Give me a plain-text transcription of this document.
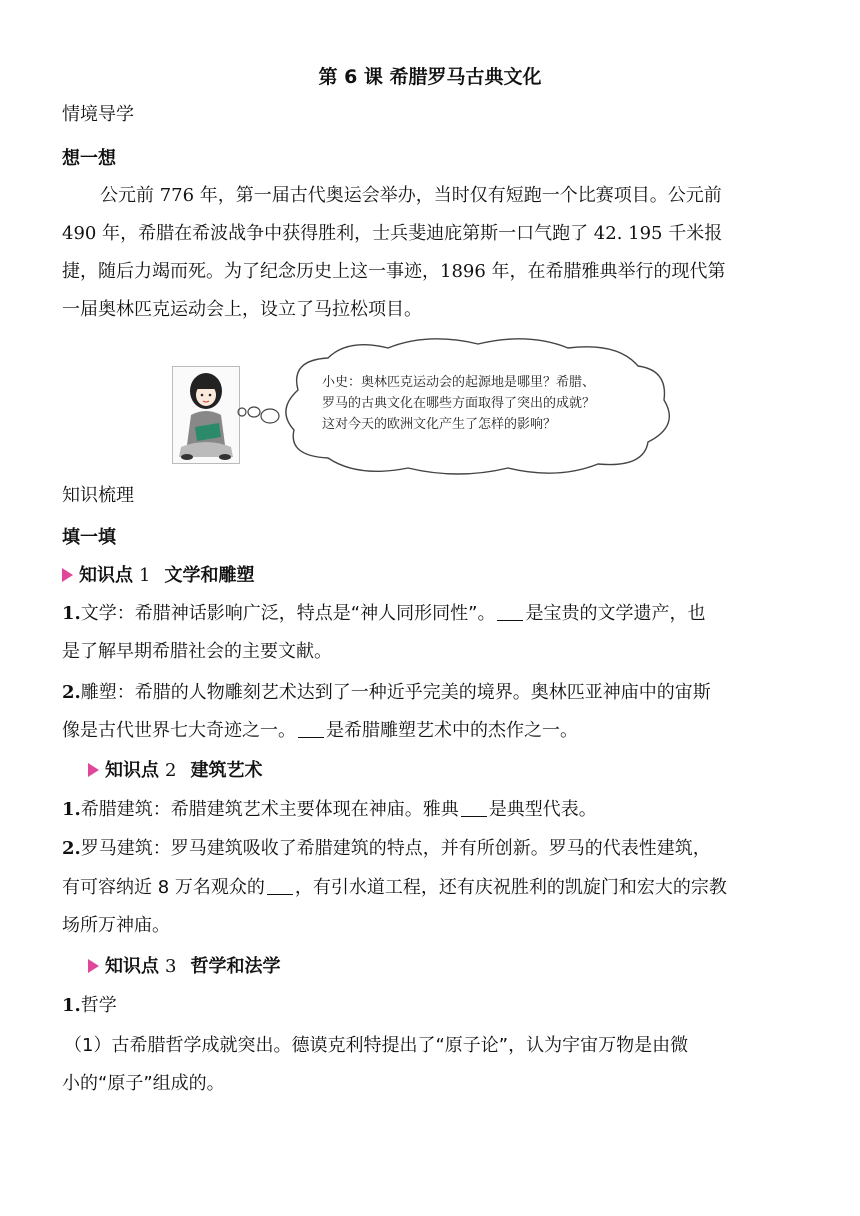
第 6 课 希腊罗马古典文化
情境导学
想一想
公元前 776 年，第一届古代奥运会举办，当时仅有短跑一个比赛项目。公元前
490 年，希腊在希波战争中获得胜利，士兵斐迪庇第斯一口气跑了 42. 195 千米报
捷，随后力竭而死。为了纪念历史上这一事迹，1896 年，在希腊雅典举行的现代第
一届奥林匹克运动会上，设立了马拉松项目。
小史：奥林匹克运动会的起源地是哪里？希腊、
罗马的古典文化在哪些方面取得了突出的成就？
这对今天的欧洲文化产生了怎样的影响？
知识梳理
填一填
知识点 1 文学和雕塑
1.文学：希腊神话影响广泛，特点是“神人同形同性”。 是宝贵的文学遗产，也
是了解早期希腊社会的主要文献。
2.雕塑：希腊的人物雕刻艺术达到了一种近乎完美的境界。奥林匹亚神庙中的宙斯
像是古代世界七大奇迹之一。 是希腊雕塑艺术中的杰作之一。
知识点 2 建筑艺术
1.希腊建筑：希腊建筑艺术主要体现在神庙。雅典 是典型代表。
2.罗马建筑：罗马建筑吸收了希腊建筑的特点，并有所创新。罗马的代表性建筑，
有可容纳近 8 万名观众的 ，有引水道工程，还有庆祝胜利的凯旋门和宏大的宗教
场所万神庙。
知识点 3 哲学和法学
1.哲学
（1）古希腊哲学成就突出。德谟克利特提出了“原子论”，认为宇宙万物是由微
小的“原子”组成的。
